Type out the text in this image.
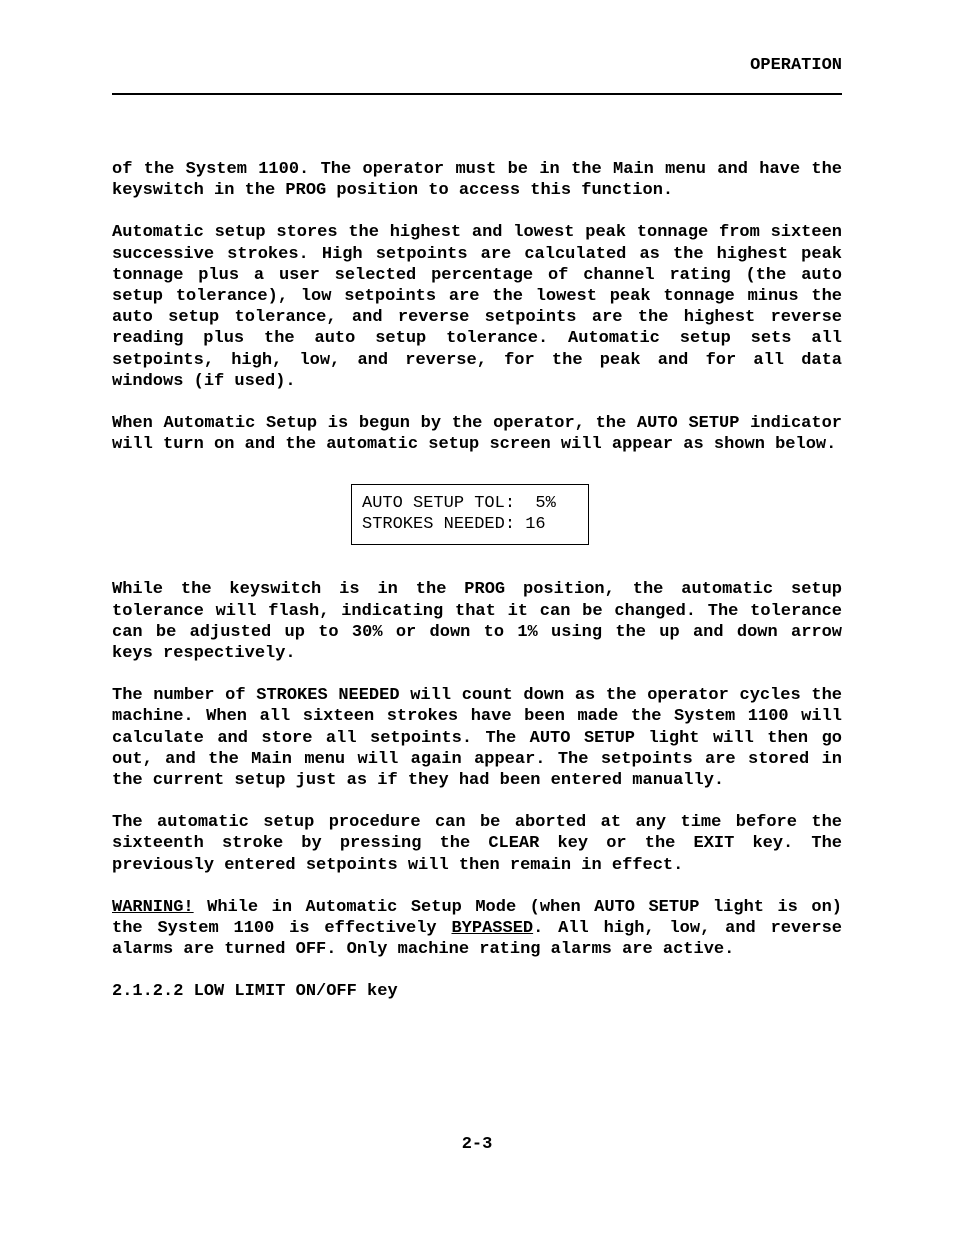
OPERATION

of the System 1100. The operator must be in the Main menu and have the keyswitch in the PROG position to access this function.

Automatic setup stores the highest and lowest peak tonnage from sixteen successive strokes. High setpoints are calculated as the highest peak tonnage plus a user selected percentage of channel rating (the auto setup tolerance), low setpoints are the lowest peak tonnage minus the auto setup tolerance, and reverse setpoints are the highest reverse reading plus the auto setup tolerance. Automatic setup sets all setpoints, high, low, and reverse, for the peak and for all data windows (if used).

When Automatic Setup is begun by the operator, the AUTO SETUP indicator will turn on and the automatic setup screen will appear as shown below.

AUTO SETUP TOL:  5%
STROKES NEEDED: 16

While the keyswitch is in the PROG position, the automatic setup tolerance will flash, indicating that it can be changed. The tolerance can be adjusted up to 30% or down to 1% using the up and down arrow keys respectively.

The number of STROKES NEEDED will count down as the operator cycles the machine. When all sixteen strokes have been made the System 1100 will calculate and store all setpoints. The AUTO SETUP light will then go out, and the Main menu will again appear. The setpoints are stored in the current setup just as if they had been entered manually.

The automatic setup procedure can be aborted at any time before the sixteenth stroke by pressing the CLEAR key or the EXIT key. The previously entered setpoints will then remain in effect.

WARNING! While in Automatic Setup Mode (when AUTO SETUP light is on) the System 1100 is effectively BYPASSED. All high, low, and reverse alarms are turned OFF. Only machine rating alarms are active.

2.1.2.2 LOW LIMIT ON/OFF key

2-3
